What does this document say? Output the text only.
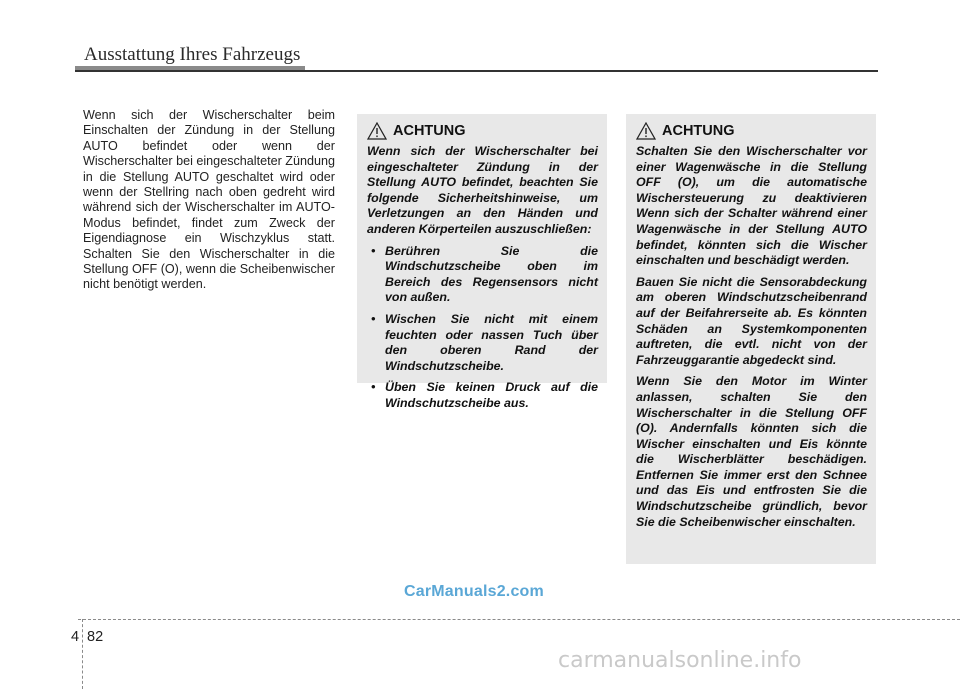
Ausstattung Ihres Fahrzeugs
Wenn sich der Wischerschalter beim Einschalten der Zündung in der Stellung AUTO befindet oder wenn der Wischerschalter bei eingeschalteter Zündung in die Stellung AUTO geschaltet wird oder wenn der Stellring nach oben gedreht wird während sich der Wischerschalter im AUTO-Modus befindet, findet zum Zweck der Eigendiagnose ein Wischzyklus statt. Schalten Sie den Wischerschalter in die Stellung OFF (O), wenn die Scheibenwischer nicht benötigt werden.
ACHTUNG

Wenn sich der Wischerschalter bei eingeschalteter Zündung in der Stellung AUTO befindet, beachten Sie folgende Sicherheitshinweise, um Verletzungen an den Händen und anderen Körperteilen auszuschließen:

• Berühren Sie die Windschutzscheibe oben im Bereich des Regensensors nicht von außen.
• Wischen Sie nicht mit einem feuchten oder nassen Tuch über den oberen Rand der Windschutzscheibe.
• Üben Sie keinen Druck auf die Windschutzscheibe aus.
ACHTUNG

Schalten Sie den Wischerschalter vor einer Wagenwäsche in die Stellung OFF (O), um die automatische Wischersteuerung zu deaktivieren Wenn sich der Schalter während einer Wagenwäsche in der Stellung AUTO befindet, könnten sich die Wischer einschalten und beschädigt werden.

Bauen Sie nicht die Sensorabdeckung am oberen Windschutzscheibenrand auf der Beifahrerseite ab. Es könnten Schäden an Systemkomponenten auftreten, die evtl. nicht von der Fahrzeuggarantie abgedeckt sind.

Wenn Sie den Motor im Winter anlassen, schalten Sie den Wischerschalter in die Stellung OFF (O). Andernfalls könnten sich die Wischer einschalten und Eis könnte die Wischerblätter beschädigen. Entfernen Sie immer erst den Schnee und das Eis und entfrosten Sie die Windschutzscheibe gründlich, bevor Sie die Scheibenwischer einschalten.

CarManuals2.com
4 82
carmanualsonline.info
